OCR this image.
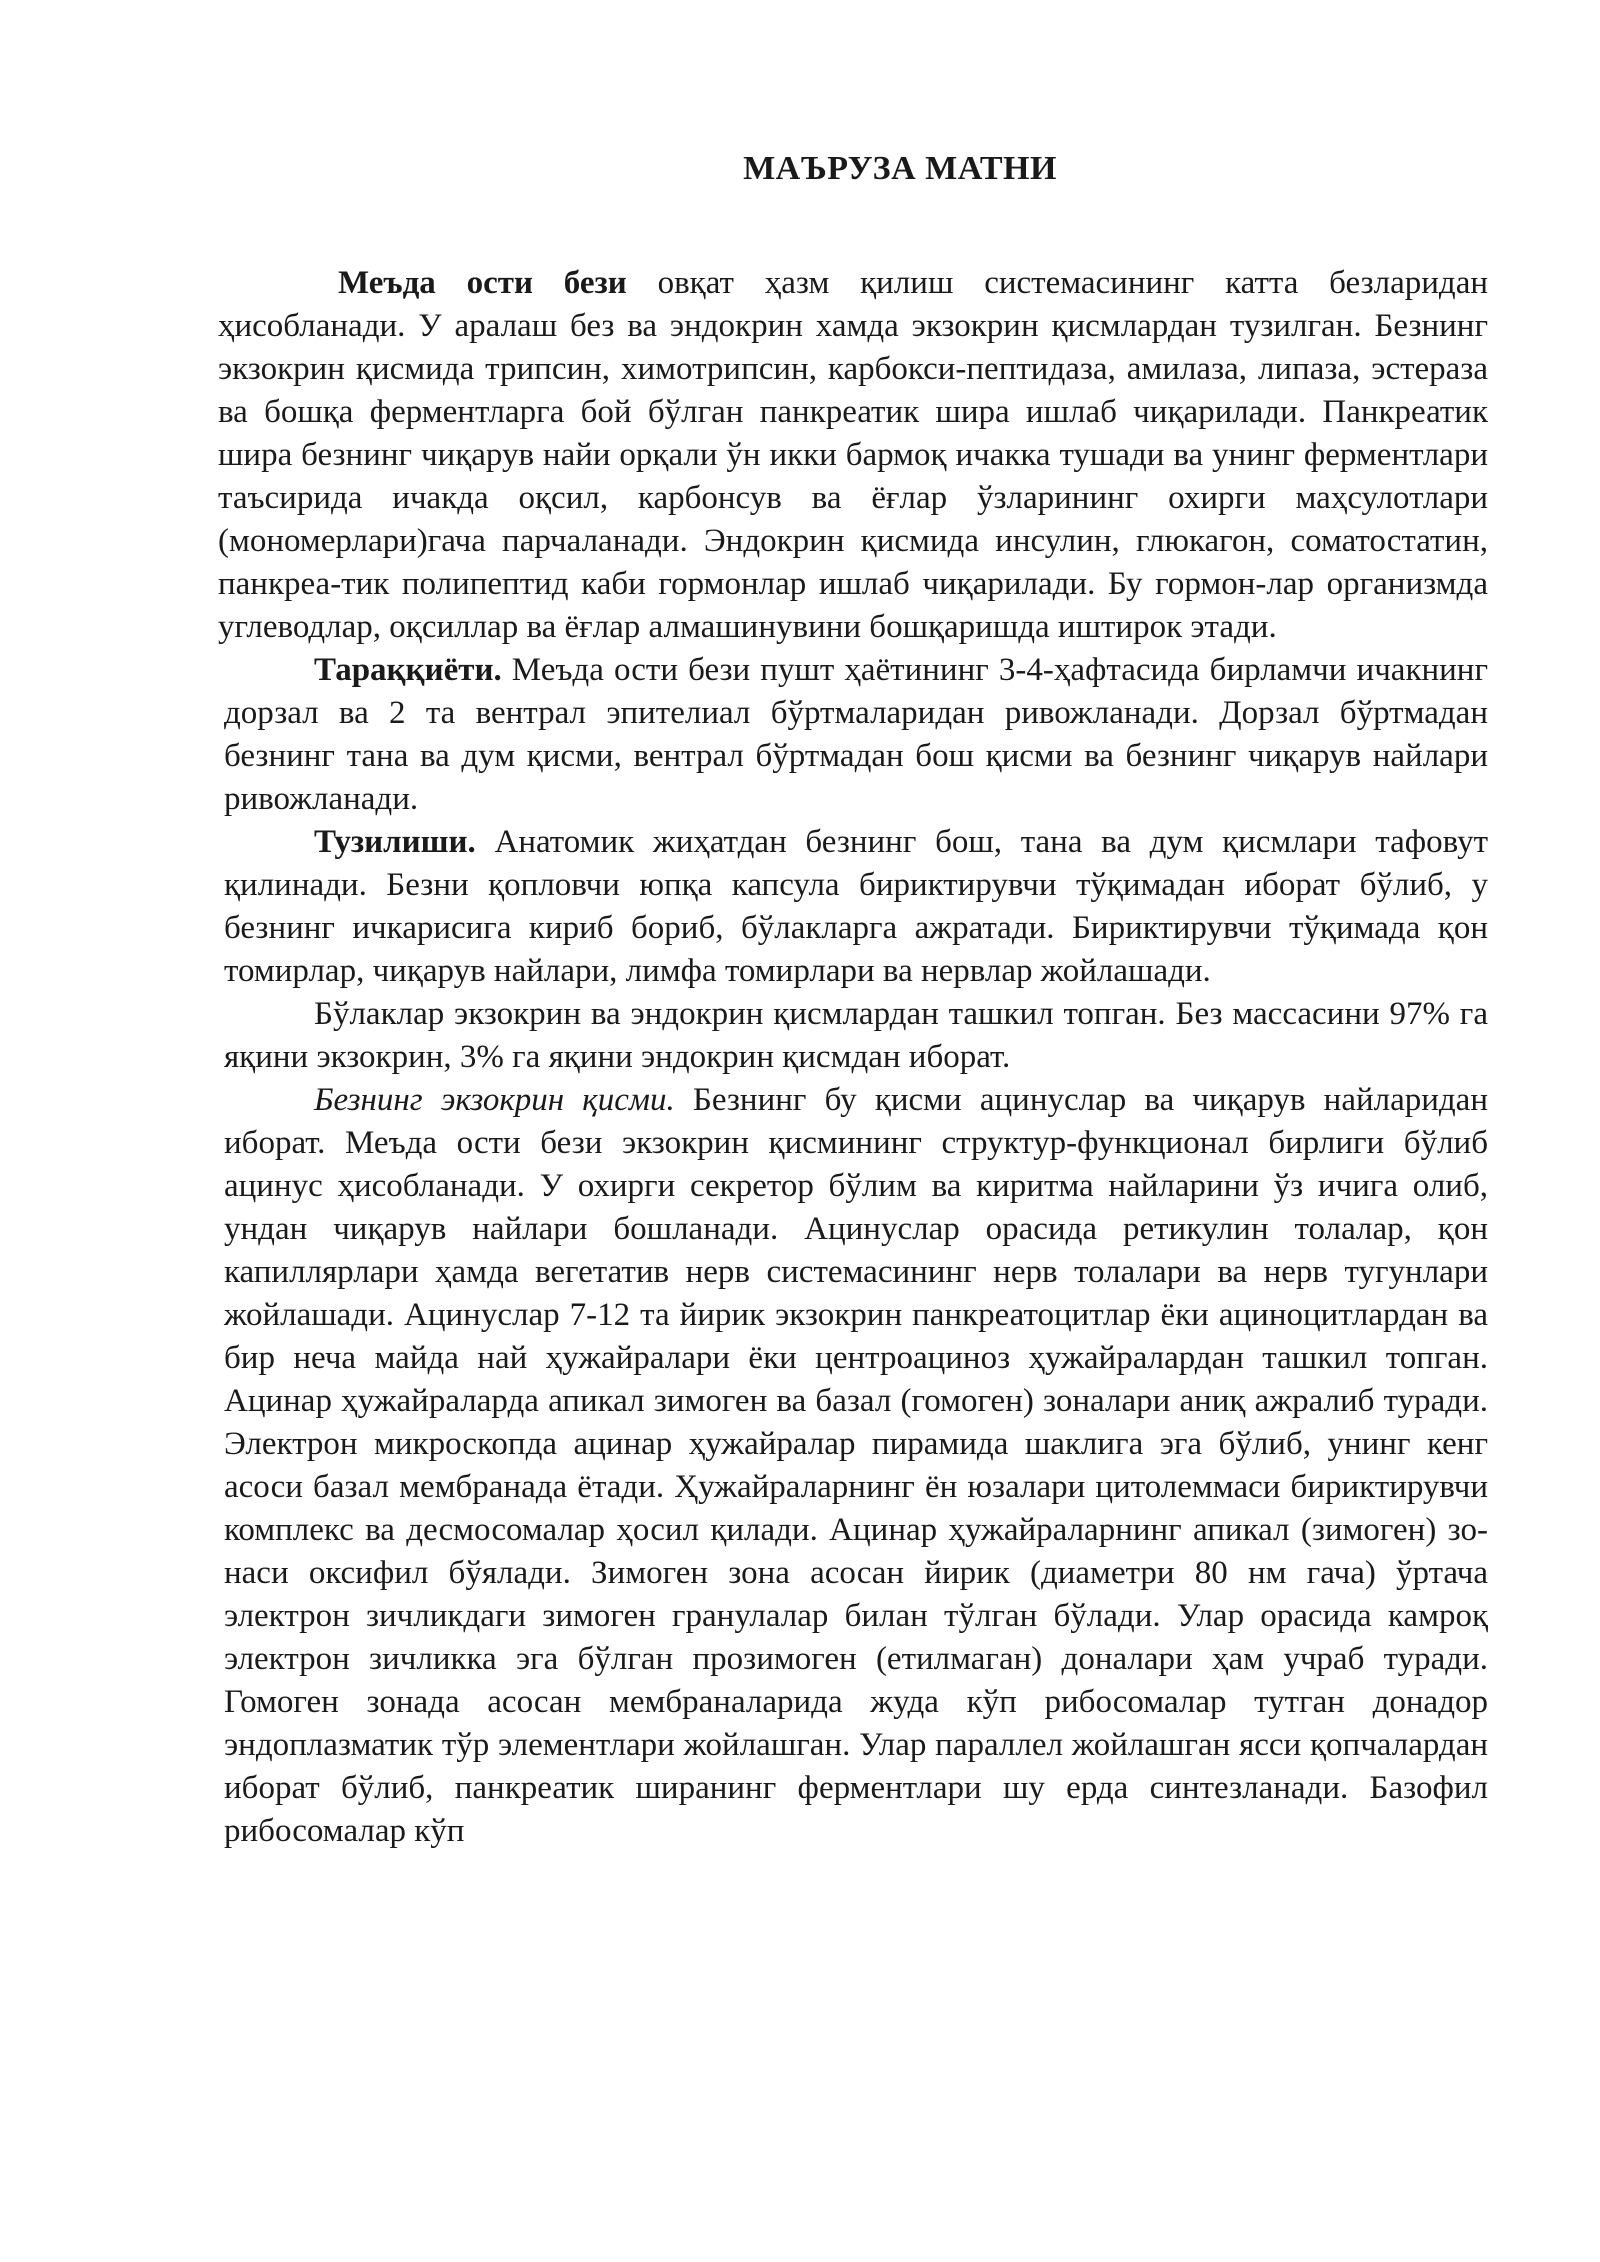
МАЪРУЗА МАТНИ

Меъда ости бези овқат ҳазм қилиш системасининг катта безларидан ҳисобланади. У аралаш без ва эндокрин хамда экзокрин қисмлардан тузилган. Безнинг экзокрин қисмида трипсин, химотрипсин, карбокси-пептидаза, амилаза, липаза, эстераза ва бошқа ферментларга бой бўлган панкреатик шира ишлаб чиқарилади. Панкреатик шира безнинг чиқарув найи орқали ўн икки бармоқ ичакка тушади ва унинг ферментлари таъсирида ичакда оқсил, карбонсув ва ёғлар ўзларининг охирги маҳсулотлари (мономерлари)гача парчаланади. Эндокрин қисмида инсулин, глюкагон, соматостатин, панкреа-тик полипептид каби гормонлар ишлаб чиқарилади. Бу гормон-лар организмда углеводлар, оқсиллар ва ёғлар алмашинувини бошқаришда иштирок этади.

Тараққиёти. Меъда ости бези пушт ҳаётининг 3-4-ҳафтасида бирламчи ичакнинг дорзал ва 2 та вентрал эпителиал бўртмаларидан ривожланади. Дорзал бўртмадан безнинг тана ва дум қисми, вентрал бўртмадан бош қисми ва безнинг чиқарув найлари ривожланади.

Тузилиши. Анатомик жиҳатдан безнинг бош, тана ва дум қисмлари тафовут қилинади. Безни қопловчи юпқа капсула бириктирувчи тўқимадан иборат бўлиб, у безнинг ичкарисига кириб бориб, бўлакларга ажратади. Бириктирувчи тўқимада қон томирлар, чиқарув найлари, лимфа томирлари ва нервлар жойлашади.

Бўлаклар экзокрин ва эндокрин қисмлардан ташкил топган. Без массасини 97% га яқини экзокрин, 3% га яқини эндокрин қисмдан иборат.

Безнинг экзокрин қисми. Безнинг бу қисми ацинуслар ва чиқарув найларидан иборат. Меъда ости бези экзокрин қисмининг структур-функционал бирлиги бўлиб ацинус ҳисобланади. У охирги секретор бўлим ва киритма найларини ўз ичига олиб, ундан чиқарув найлари бошланади. Ацинуслар орасида ретикулин толалар, қон капиллярлари ҳамда вегетатив нерв системасининг нерв толалари ва нерв тугунлари жойлашади. Ацинуслар 7-12 та йирик экзокрин панкреатоцитлар ёки ациноцитлардан ва бир неча майда най ҳужайралари ёки центроациноз ҳужайралардан ташкил топган. Ацинар ҳужайраларда апикал зимоген ва базал (гомоген) зоналари аниқ ажралиб туради. Электрон микроскопда ацинар ҳужайралар пирамида шаклига эга бўлиб, унинг кенг асоси базал мембранада ётади. Ҳужайраларнинг ён юзалари цитолеммаси бириктирувчи комплекс ва десмосомалар ҳосил қилади. Ацинар ҳужайраларнинг апикал (зимоген) зо-наси оксифил бўялади. Зимоген зона асосан йирик (диаметри 80 нм гача) ўртача электрон зичликдаги зимоген гранулалар билан тўлган бўлади. Улар орасида камроқ электрон зичликка эга бўлган прозимоген (етилмаган) доналари ҳам учраб туради. Гомоген зонада асосан мембраналарида жуда кўп рибосомалар тутган донадор эндоплазматик тўр элементлари жойлашган. Улар параллел жойлашган ясси қопчалардан иборат бўлиб, панкреатик ширанинг ферментлари шу ерда синтезланади. Базофил рибосомалар кўп
